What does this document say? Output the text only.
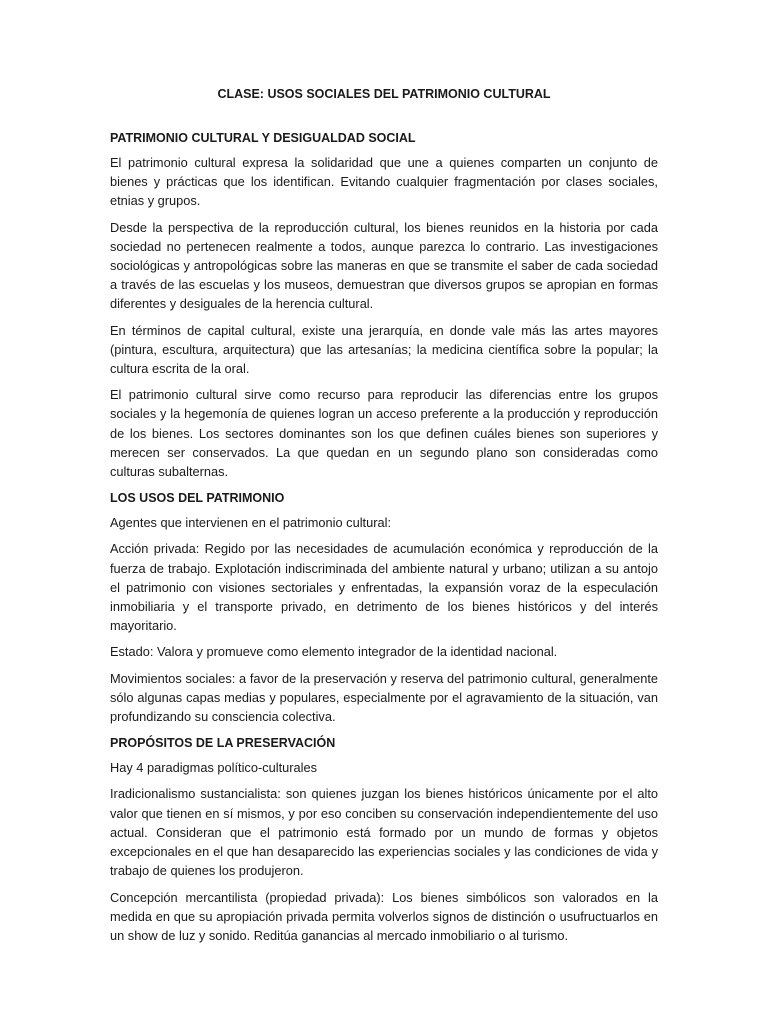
CLASE: USOS SOCIALES DEL PATRIMONIO CULTURAL
PATRIMONIO CULTURAL Y DESIGUALDAD SOCIAL

El patrimonio cultural expresa la solidaridad que une a quienes comparten un conjunto de bienes y prácticas que los identifican. Evitando cualquier fragmentación por clases sociales, etnias y grupos.

Desde la perspectiva de la reproducción cultural, los bienes reunidos en la historia por cada sociedad no pertenecen realmente a todos, aunque parezca lo contrario. Las investigaciones sociológicas y antropológicas sobre las maneras en que se transmite el saber de cada sociedad a través de las escuelas y los museos, demuestran que diversos grupos se apropian en formas diferentes y desiguales de la herencia cultural.

En términos de capital cultural, existe una jerarquía, en donde vale más las artes mayores (pintura, escultura, arquitectura) que las artesanías; la medicina científica sobre la popular; la cultura escrita de la oral.

El patrimonio cultural sirve como recurso para reproducir las diferencias entre los grupos sociales y la hegemonía de quienes logran un acceso preferente a la producción y reproducción de los bienes. Los sectores dominantes son los que definen cuáles bienes son superiores y merecen ser conservados. La que quedan en un segundo plano son consideradas como culturas subalternas.

LOS USOS DEL PATRIMONIO

Agentes que intervienen en el patrimonio cultural:

Acción privada: Regido por las necesidades de acumulación económica y reproducción de la fuerza de trabajo. Explotación indiscriminada del ambiente natural y urbano; utilizan a su antojo el patrimonio con visiones sectoriales y enfrentadas, la expansión voraz de la especulación inmobiliaria y el transporte privado, en detrimento de los bienes históricos y del interés mayoritario.

Estado: Valora y promueve como elemento integrador de la identidad nacional.

Movimientos sociales: a favor de la preservación y reserva del patrimonio cultural, generalmente sólo algunas capas medias y populares, especialmente por el agravamiento de la situación, van profundizando su consciencia colectiva.

PROPÓSITOS DE LA PRESERVACIÓN

Hay 4 paradigmas político-culturales

Iradicionalismo sustancialista: son quienes juzgan los bienes históricos únicamente por el alto valor que tienen en sí mismos, y por eso conciben su conservación independientemente del uso actual. Consideran que el patrimonio está formado por un mundo de formas y objetos excepcionales en el que han desaparecido las experiencias sociales y las condiciones de vida y trabajo de quienes los produjeron.

Concepción mercantilista (propiedad privada): Los bienes simbólicos son valorados en la medida en que su apropiación privada permita volverlos signos de distinción o usufructuarlos en un show de luz y sonido. Reditúa ganancias al mercado inmobiliario o al turismo.
